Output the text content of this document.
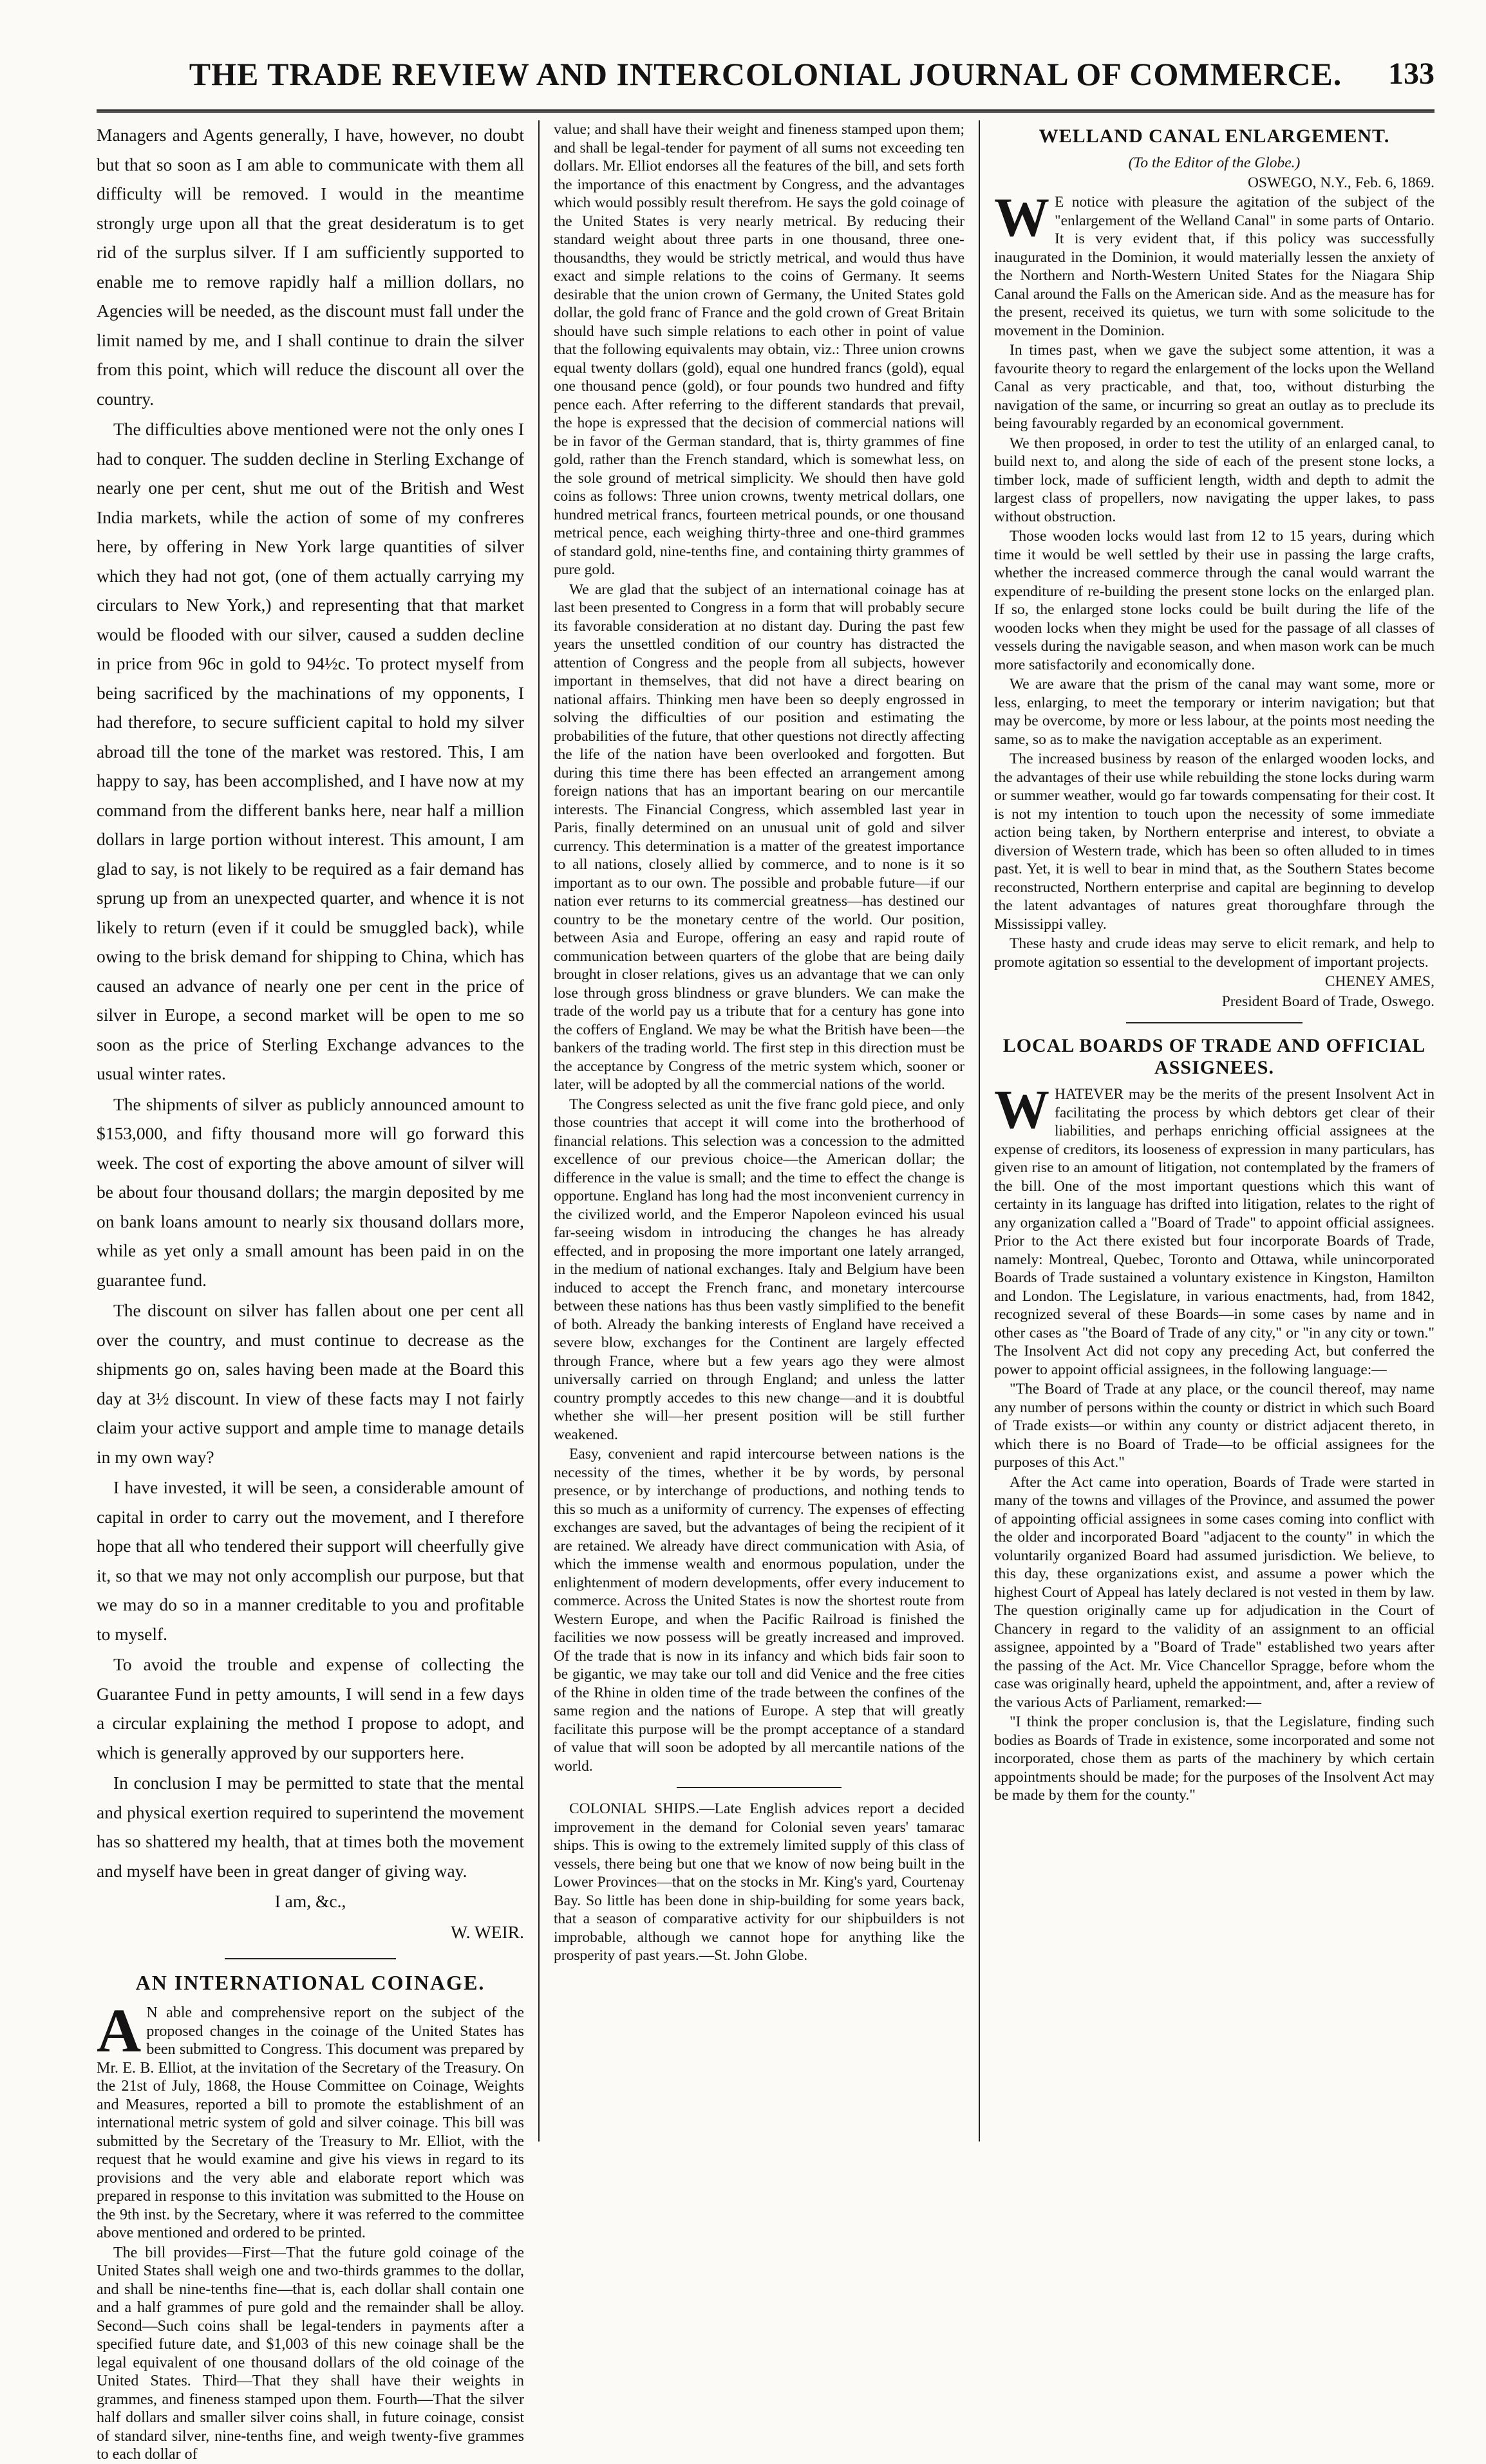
THE TRADE REVIEW AND INTERCOLONIAL JOURNAL OF COMMERCE. 133

Managers and Agents generally, I have, however, no doubt but that so soon as I am able to communicate with them all difficulty will be removed. I would in the meantime strongly urge upon all that the great desideratum is to get rid of the surplus silver. If I am sufficiently supported to enable me to remove rapidly half a million dollars, no Agencies will be needed, as the discount must fall under the limit named by me, and I shall continue to drain the silver from this point, which will reduce the discount all over the country.

The difficulties above mentioned were not the only ones I had to conquer. The sudden decline in Sterling Exchange of nearly one per cent, shut me out of the British and West India markets, while the action of some of my confreres here, by offering in New York large quantities of silver which they had not got, (one of them actually carrying my circulars to New York,) and representing that that market would be flooded with our silver, caused a sudden decline in price from 96c in gold to 94½c. To protect myself from being sacrificed by the machinations of my opponents, I had therefore, to secure sufficient capital to hold my silver abroad till the tone of the market was restored. This, I am happy to say, has been accomplished, and I have now at my command from the different banks here, near half a million dollars in large portion without interest. This amount, I am glad to say, is not likely to be required as a fair demand has sprung up from an unexpected quarter, and whence it is not likely to return (even if it could be smuggled back), while owing to the brisk demand for shipping to China, which has caused an advance of nearly one per cent in the price of silver in Europe, a second market will be open to me so soon as the price of Sterling Exchange advances to the usual winter rates.

The shipments of silver as publicly announced amount to $153,000, and fifty thousand more will go forward this week. The cost of exporting the above amount of silver will be about four thousand dollars; the margin deposited by me on bank loans amount to nearly six thousand dollars more, while as yet only a small amount has been paid in on the guarantee fund.

The discount on silver has fallen about one per cent all over the country, and must continue to decrease as the shipments go on, sales having been made at the Board this day at 3½ discount. In view of these facts may I not fairly claim your active support and ample time to manage details in my own way?

I have invested, it will be seen, a considerable amount of capital in order to carry out the movement, and I therefore hope that all who tendered their support will cheerfully give it, so that we may not only accomplish our purpose, but that we may do so in a manner creditable to you and profitable to myself.

To avoid the trouble and expense of collecting the Guarantee Fund in petty amounts, I will send in a few days a circular explaining the method I propose to adopt, and which is generally approved by our supporters here.

In conclusion I may be permitted to state that the mental and physical exertion required to superintend the movement has so shattered my health, that at times both the movement and myself have been in great danger of giving way.

I am, &c.,

W. WEIR.

AN INTERNATIONAL COINAGE.

A N able and comprehensive report on the subject of the proposed changes in the coinage of the United States has been submitted to Congress. This document was prepared by Mr. E. B. Elliot, at the invitation of the Secretary of the Treasury. On the 21st of July, 1868, the House Committee on Coinage, Weights and Measures, reported a bill to promote the establishment of an international metric system of gold and silver coinage. This bill was submitted by the Secretary of the Treasury to Mr. Elliot, with the request that he would examine and give his views in regard to its provisions and the very able and elaborate report which was prepared in response to this invitation was submitted to the House on the 9th inst. by the Secretary, where it was referred to the committee above mentioned and ordered to be printed.

The bill provides—First—That the future gold coinage of the United States shall weigh one and two-thirds grammes to the dollar, and shall be nine-tenths fine—that is, each dollar shall contain one and a half grammes of pure gold and the remainder shall be alloy. Second—Such coins shall be legal-tenders in payments after a specified future date, and $1,003 of this new coinage shall be the legal equivalent of one thousand dollars of the old coinage of the United States. Third—That they shall have their weights in grammes, and fineness stamped upon them. Fourth—That the silver half dollars and smaller silver coins shall, in future coinage, consist of standard silver, nine-tenths fine, and weigh twenty-five grammes to each dollar of

value; and shall have their weight and fineness stamped upon them; and shall be legal-tender for payment of all sums not exceeding ten dollars. Mr. Elliot endorses all the features of the bill, and sets forth the importance of this enactment by Congress, and the advantages which would possibly result therefrom. He says the gold coinage of the United States is very nearly metrical. By reducing their standard weight about three parts in one thousand, three one-thousandths, they would be strictly metrical, and would thus have exact and simple relations to the coins of Germany. It seems desirable that the union crown of Germany, the United States gold dollar, the gold franc of France and the gold crown of Great Britain should have such simple relations to each other in point of value that the following equivalents may obtain, viz.: Three union crowns equal twenty dollars (gold), equal one hundred francs (gold), equal one thousand pence (gold), or four pounds two hundred and fifty pence each. After referring to the different standards that prevail, the hope is expressed that the decision of commercial nations will be in favor of the German standard, that is, thirty grammes of fine gold, rather than the French standard, which is somewhat less, on the sole ground of metrical simplicity. We should then have gold coins as follows: Three union crowns, twenty metrical dollars, one hundred metrical francs, fourteen metrical pounds, or one thousand metrical pence, each weighing thirty-three and one-third grammes of standard gold, nine-tenths fine, and containing thirty grammes of pure gold.

We are glad that the subject of an international coinage has at last been presented to Congress in a form that will probably secure its favorable consideration at no distant day. During the past few years the unsettled condition of our country has distracted the attention of Congress and the people from all subjects, however important in themselves, that did not have a direct bearing on national affairs. Thinking men have been so deeply engrossed in solving the difficulties of our position and estimating the probabilities of the future, that other questions not directly affecting the life of the nation have been overlooked and forgotten. But during this time there has been effected an arrangement among foreign nations that has an important bearing on our mercantile interests. The Financial Congress, which assembled last year in Paris, finally determined on an unusual unit of gold and silver currency. This determination is a matter of the greatest importance to all nations, closely allied by commerce, and to none is it so important as to our own. The possible and probable future—if our nation ever returns to its commercial greatness—has destined our country to be the monetary centre of the world. Our position, between Asia and Europe, offering an easy and rapid route of communication between quarters of the globe that are being daily brought in closer relations, gives us an advantage that we can only lose through gross blindness or grave blunders. We can make the trade of the world pay us a tribute that for a century has gone into the coffers of England. We may be what the British have been—the bankers of the trading world. The first step in this direction must be the acceptance by Congress of the metric system which, sooner or later, will be adopted by all the commercial nations of the world.

The Congress selected as unit the five franc gold piece, and only those countries that accept it will come into the brotherhood of financial relations. This selection was a concession to the admitted excellence of our previous choice—the American dollar; the difference in the value is small; and the time to effect the change is opportune. England has long had the most inconvenient currency in the civilized world, and the Emperor Napoleon evinced his usual far-seeing wisdom in introducing the changes he has already effected, and in proposing the more important one lately arranged, in the medium of national exchanges. Italy and Belgium have been induced to accept the French franc, and monetary intercourse between these nations has thus been vastly simplified to the benefit of both. Already the banking interests of England have received a severe blow, exchanges for the Continent are largely effected through France, where but a few years ago they were almost universally carried on through England; and unless the latter country promptly accedes to this new change—and it is doubtful whether she will—her present position will be still further weakened.

Easy, convenient and rapid intercourse between nations is the necessity of the times, whether it be by words, by personal presence, or by interchange of productions, and nothing tends to this so much as a uniformity of currency. The expenses of effecting exchanges are saved, but the advantages of being the recipient of it are retained. We already have direct communication with Asia, of which the immense wealth and enormous population, under the enlightenment of modern developments, offer every inducement to commerce. Across the United States is now the shortest route from Western Europe, and when the Pacific Railroad is finished the facilities we now possess will be greatly increased and improved. Of the trade that is now in its infancy and which bids fair soon to be gigantic, we may take our toll and did Venice and the free cities of the Rhine in olden time of the trade between the confines of the same region and the nations of Europe. A step that will greatly facilitate this purpose will be the prompt acceptance of a standard of value that will soon be adopted by all mercantile nations of the world.

COLONIAL SHIPS.—Late English advices report a decided improvement in the demand for Colonial seven years' tamarac ships. This is owing to the extremely limited supply of this class of vessels, there being but one that we know of now being built in the Lower Provinces—that on the stocks in Mr. King's yard, Courtenay Bay. So little has been done in ship-building for some years back, that a season of comparative activity for our shipbuilders is not improbable, although we cannot hope for anything like the prosperity of past years.—St. John Globe.

WELLAND CANAL ENLARGEMENT.

(To the Editor of the Globe.)

OSWEGO, N.Y., Feb. 6, 1869.

W E notice with pleasure the agitation of the subject of the "enlargement of the Welland Canal" in some parts of Ontario. It is very evident that, if this policy was successfully inaugurated in the Dominion, it would materially lessen the anxiety of the Northern and North-Western United States for the Niagara Ship Canal around the Falls on the American side. And as the measure has for the present, received its quietus, we turn with some solicitude to the movement in the Dominion.

In times past, when we gave the subject some attention, it was a favourite theory to regard the enlargement of the locks upon the Welland Canal as very practicable, and that, too, without disturbing the navigation of the same, or incurring so great an outlay as to preclude its being favourably regarded by an economical government.

We then proposed, in order to test the utility of an enlarged canal, to build next to, and along the side of each of the present stone locks, a timber lock, made of sufficient length, width and depth to admit the largest class of propellers, now navigating the upper lakes, to pass without obstruction.

Those wooden locks would last from 12 to 15 years, during which time it would be well settled by their use in passing the large crafts, whether the increased commerce through the canal would warrant the expenditure of re-building the present stone locks on the enlarged plan. If so, the enlarged stone locks could be built during the life of the wooden locks when they might be used for the passage of all classes of vessels during the navigable season, and when mason work can be much more satisfactorily and economically done.

We are aware that the prism of the canal may want some, more or less, enlarging, to meet the temporary or interim navigation; but that may be overcome, by more or less labour, at the points most needing the same, so as to make the navigation acceptable as an experiment.

The increased business by reason of the enlarged wooden locks, and the advantages of their use while rebuilding the stone locks during warm or summer weather, would go far towards compensating for their cost. It is not my intention to touch upon the necessity of some immediate action being taken, by Northern enterprise and interest, to obviate a diversion of Western trade, which has been so often alluded to in times past. Yet, it is well to bear in mind that, as the Southern States become reconstructed, Northern enterprise and capital are beginning to develop the latent advantages of natures great thoroughfare through the Mississippi valley.

These hasty and crude ideas may serve to elicit remark, and help to promote agitation so essential to the development of important projects.

CHENEY AMES,

President Board of Trade, Oswego.

LOCAL BOARDS OF TRADE AND OFFICIAL ASSIGNEES.

WHATEVER may be the merits of the present Insolvent Act in facilitating the process by which debtors get clear of their liabilities, and perhaps enriching official assignees at the expense of creditors, its looseness of expression in many particulars, has given rise to an amount of litigation, not contemplated by the framers of the bill. One of the most important questions which this want of certainty in its language has drifted into litigation, relates to the right of any organization called a "Board of Trade" to appoint official assignees. Prior to the Act there existed but four incorporate Boards of Trade, namely: Montreal, Quebec, Toronto and Ottawa, while unincorporated Boards of Trade sustained a voluntary existence in Kingston, Hamilton and London. The Legislature, in various enactments, had, from 1842, recognized several of these Boards—in some cases by name and in other cases as "the Board of Trade of any city," or "in any city or town." The Insolvent Act did not copy any preceding Act, but conferred the power to appoint official assignees, in the following language:—

"The Board of Trade at any place, or the council thereof, may name any number of persons within the county or district in which such Board of Trade exists—or within any county or district adjacent thereto, in which there is no Board of Trade—to be official assignees for the purposes of this Act."

After the Act came into operation, Boards of Trade were started in many of the towns and villages of the Province, and assumed the power of appointing official assignees in some cases coming into conflict with the older and incorporated Board "adjacent to the county" in which the voluntarily organized Board had assumed jurisdiction. We believe, to this day, these organizations exist, and assume a power which the highest Court of Appeal has lately declared is not vested in them by law. The question originally came up for adjudication in the Court of Chancery in regard to the validity of an assignment to an official assignee, appointed by a "Board of Trade" established two years after the passing of the Act. Mr. Vice Chancellor Spragge, before whom the case was originally heard, upheld the appointment, and, after a review of the various Acts of Parliament, remarked:—

"I think the proper conclusion is, that the Legislature, finding such bodies as Boards of Trade in existence, some incorporated and some not incorporated, chose them as parts of the machinery by which certain appointments should be made; for the purposes of the Insolvent Act may be made by them for the county."
